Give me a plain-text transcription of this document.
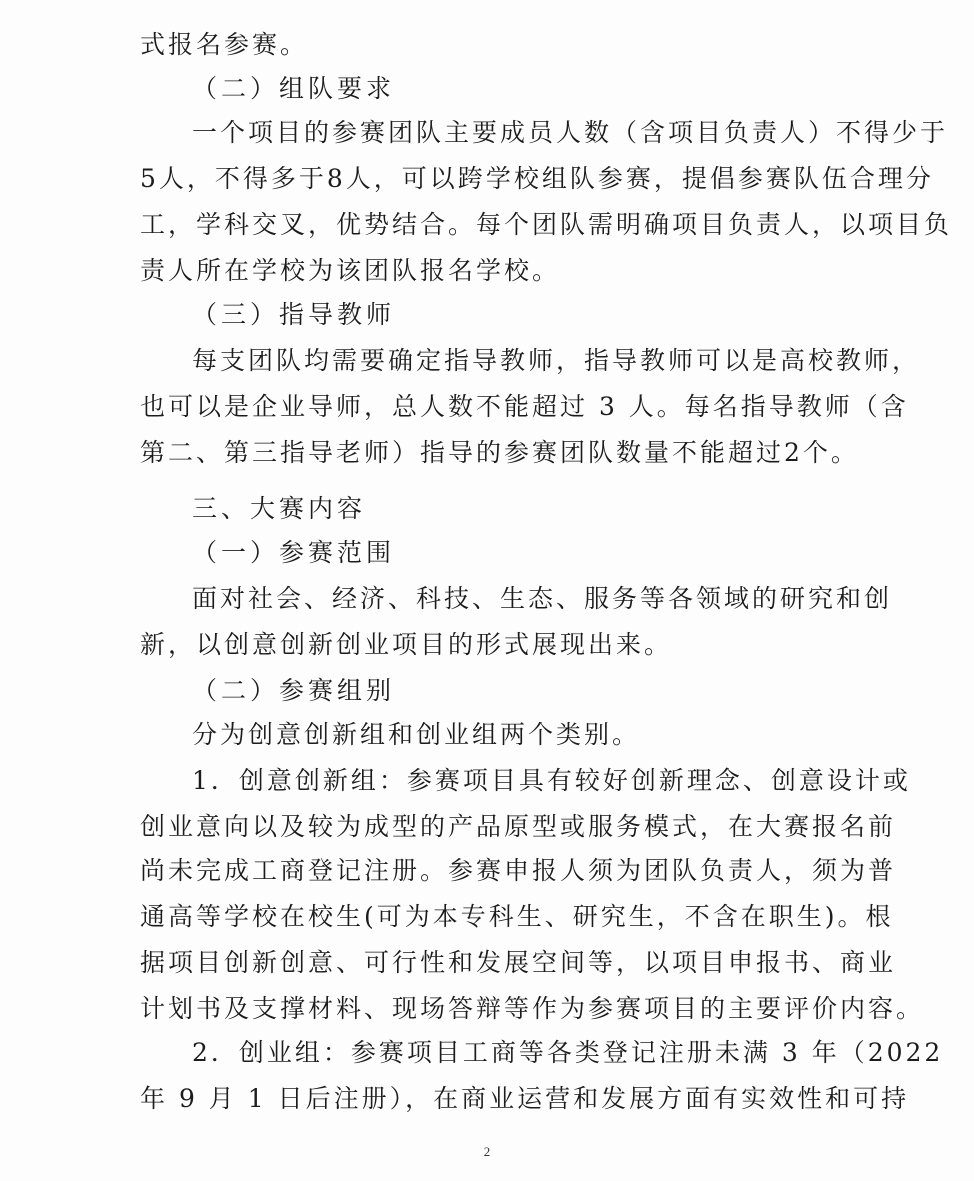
式报名参赛。
（二）组队要求
一个项目的参赛团队主要成员人数（含项目负责人）不得少于
5人，不得多于8人，可以跨学校组队参赛，提倡参赛队伍合理分
工，学科交叉，优势结合。每个团队需明确项目负责人，以项目负
责人所在学校为该团队报名学校。
（三）指导教师
每支团队均需要确定指导教师，指导教师可以是高校教师，
也可以是企业导师，总人数不能超过 3 人。每名指导教师（含
第二、第三指导老师）指导的参赛团队数量不能超过2个。
三、大赛内容
（一）参赛范围
面对社会、经济、科技、生态、服务等各领域的研究和创
新，以创意创新创业项目的形式展现出来。
（二）参赛组别
分为创意创新组和创业组两个类别。
1．创意创新组：参赛项目具有较好创新理念、创意设计或
创业意向以及较为成型的产品原型或服务模式，在大赛报名前
尚未完成工商登记注册。参赛申报人须为团队负责人，须为普
通高等学校在校生(可为本专科生、研究生，不含在职生)。根
据项目创新创意、可行性和发展空间等，以项目申报书、商业
计划书及支撑材料、现场答辩等作为参赛项目的主要评价内容。
2．创业组：参赛项目工商等各类登记注册未满 3 年（2022
年 9 月 1 日后注册），在商业运营和发展方面有实效性和可持
2
